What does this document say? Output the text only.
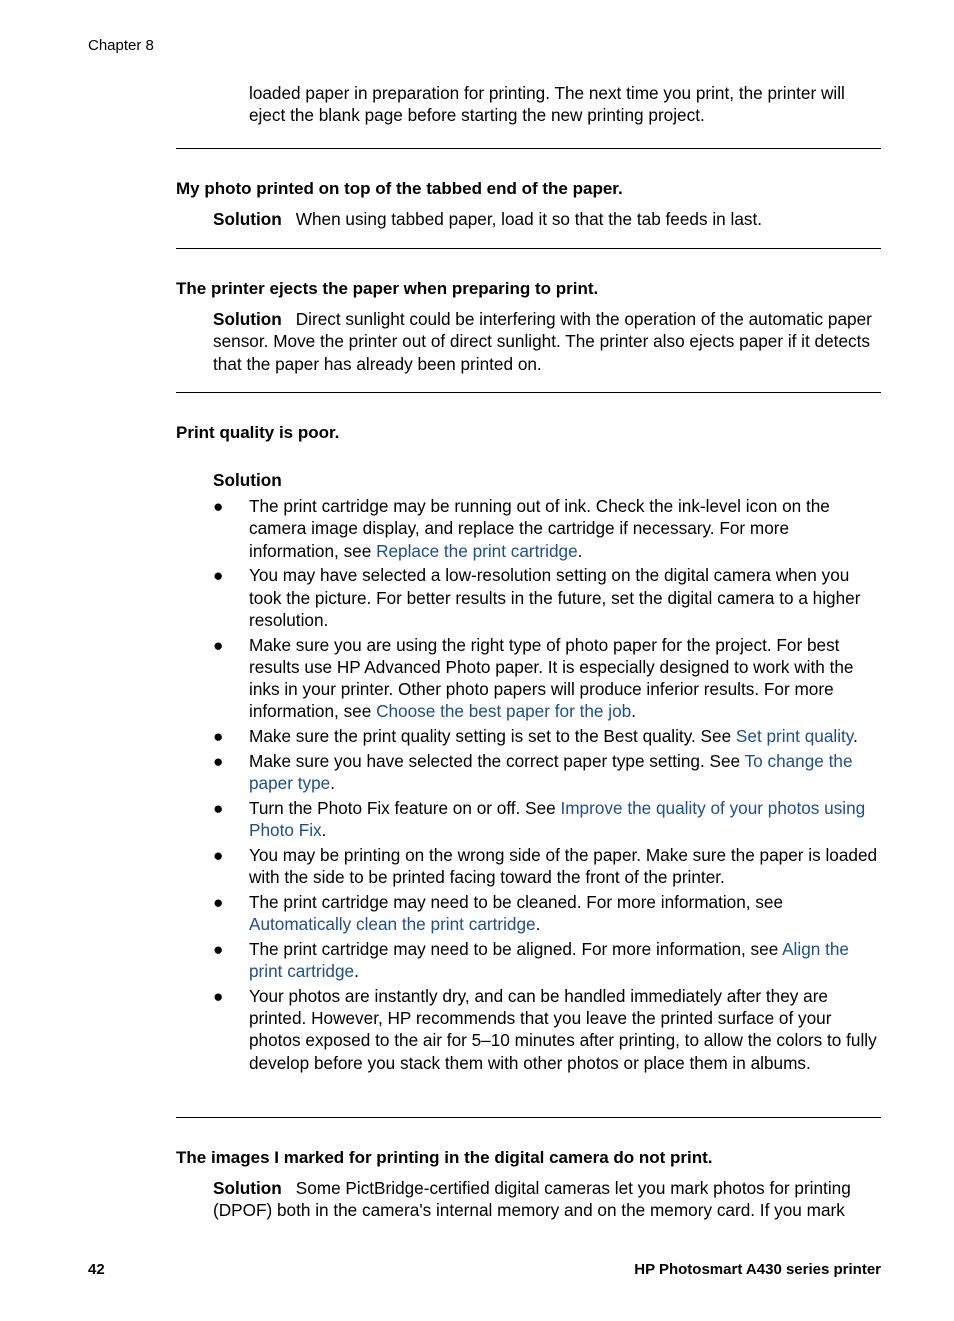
Chapter 8
loaded paper in preparation for printing. The next time you print, the printer will eject the blank page before starting the new printing project.
My photo printed on top of the tabbed end of the paper.
Solution When using tabbed paper, load it so that the tab feeds in last.
The printer ejects the paper when preparing to print.
Solution Direct sunlight could be interfering with the operation of the automatic paper sensor. Move the printer out of direct sunlight. The printer also ejects paper if it detects that the paper has already been printed on.
Print quality is poor.
Solution
● The print cartridge may be running out of ink. Check the ink-level icon on the camera image display, and replace the cartridge if necessary. For more information, see Replace the print cartridge.
● You may have selected a low-resolution setting on the digital camera when you took the picture. For better results in the future, set the digital camera to a higher resolution.
● Make sure you are using the right type of photo paper for the project. For best results use HP Advanced Photo paper. It is especially designed to work with the inks in your printer. Other photo papers will produce inferior results. For more information, see Choose the best paper for the job.
● Make sure the print quality setting is set to the Best quality. See Set print quality.
● Make sure you have selected the correct paper type setting. See To change the paper type.
● Turn the Photo Fix feature on or off. See Improve the quality of your photos using Photo Fix.
● You may be printing on the wrong side of the paper. Make sure the paper is loaded with the side to be printed facing toward the front of the printer.
● The print cartridge may need to be cleaned. For more information, see Automatically clean the print cartridge.
● The print cartridge may need to be aligned. For more information, see Align the print cartridge.
● Your photos are instantly dry, and can be handled immediately after they are printed. However, HP recommends that you leave the printed surface of your photos exposed to the air for 5–10 minutes after printing, to allow the colors to fully develop before you stack them with other photos or place them in albums.
The images I marked for printing in the digital camera do not print.
Solution Some PictBridge-certified digital cameras let you mark photos for printing (DPOF) both in the camera's internal memory and on the memory card. If you mark
42	HP Photosmart A430 series printer
